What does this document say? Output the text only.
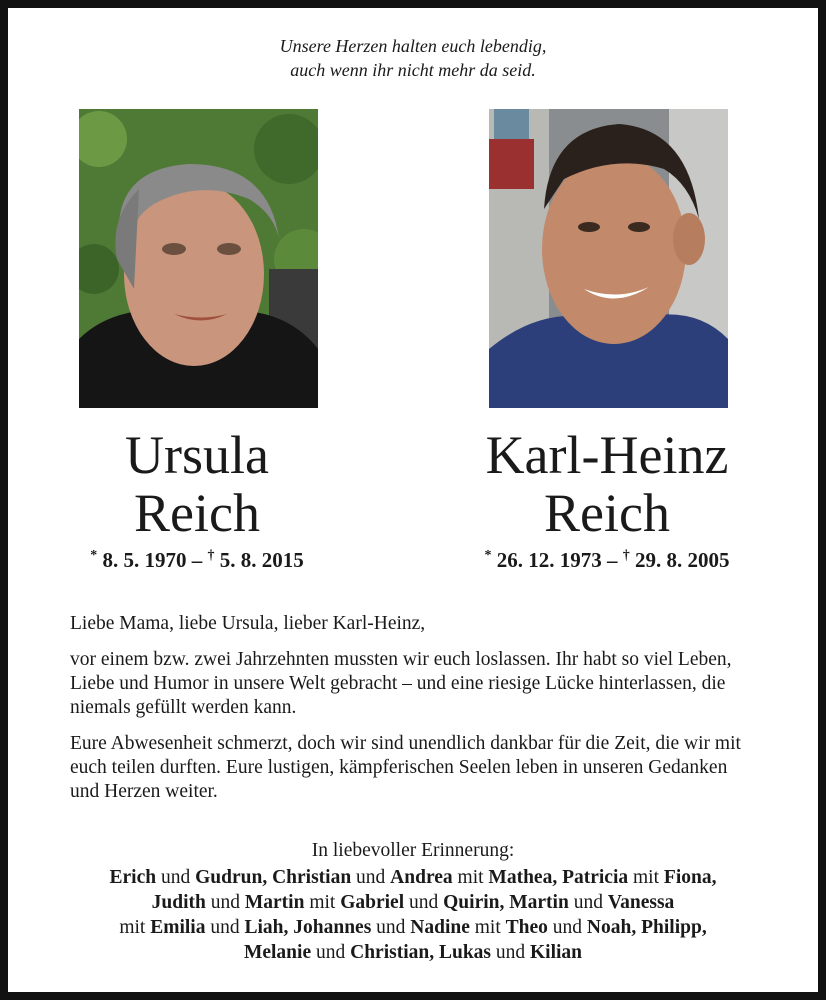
Unsere Herzen halten euch lebendig,
auch wenn ihr nicht mehr da seid.
Ursula
Reich
* 8. 5. 1970 – † 5. 8. 2015
Karl-Heinz
Reich
* 26. 12. 1973 – † 29. 8. 2005

Liebe Mama, liebe Ursula, lieber Karl-Heinz,

vor einem bzw. zwei Jahrzehnten mussten wir euch loslassen. Ihr habt so viel Leben, Liebe und Humor in unsere Welt gebracht – und eine riesige Lücke hinterlassen, die niemals gefüllt werden kann.

Eure Abwesenheit schmerzt, doch wir sind unendlich dankbar für die Zeit, die wir mit euch teilen durften. Eure lustigen, kämpferischen Seelen leben in unseren Gedanken und Herzen weiter.

In liebevoller Erinnerung:
Erich und Gudrun, Christian und Andrea mit Mathea, Patricia mit Fiona,
Judith und Martin mit Gabriel und Quirin, Martin und Vanessa
mit Emilia und Liah, Johannes und Nadine mit Theo und Noah, Philipp,
Melanie und Christian, Lukas und Kilian
